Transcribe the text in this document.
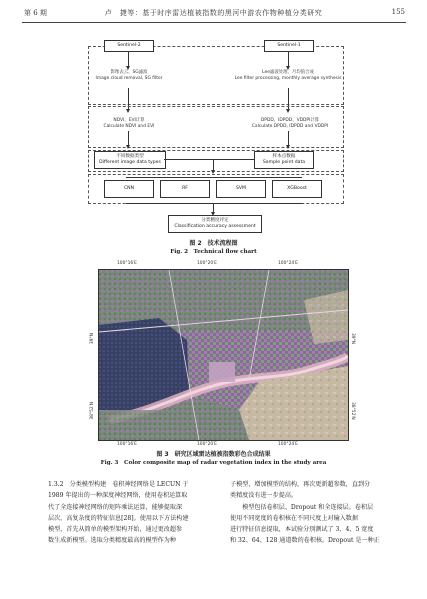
第 6 期	卢　捷等：基于时序雷达植被指数的黑河中游农作物种植分类研究	155
Sentinel-2	Sentinel-1
影像去云、SG滤波
Image cloud removal, SG filter
Lee滤波处理、月均值合成
Lee filter processing, monthly average synthesis
NDVI、EVI计算
Calculate NDVI and EVI
DPDD、IDPDD、VDDPI计算
Calculate DPDD, IDPDD and VDDPI
不同数据类型
Different image data types
样本点数据
Sample point data
CNN	RF	SVM	XGBoost
分类精度评定
Classification accuracy assessment
图 2　技术流程图
Fig. 2　Technical flow chart
100°16′E	100°20′E	100°24′E
100°16′E	100°20′E	100°24′E
39°N
38°52′N
39°N
38°52′N
图 3　研究区域雷达植被指数彩色合成结果
Fig. 3　Color composite map of radar vegetation index in the study area
1.3.2　分类模型构建　卷积神经网络是 LECUN 于
1989 年提出的一种深度神经网络，使用卷积运算取
代了全连接神经网络的矩阵乘法运算，能够提取深
层次、高复杂度的特征信息[28]。使用以下方法构建
模型，首先从简单的模型架构开始，通过更改超参
数生成新模型。选取分类精度最高的模型作为种
子模型，增加模型的结构，再次更新超参数，直到分
类精度没有进一步提高。
　　模型包括卷积层、Dropout 和全连接层。卷积层
使用不同宽度的卷积核在不同尺度上对输入数据
进行特征信息提取，本试验分别测试了 3、4、5 宽度
和 32、64、128 通道数的卷积核。Dropout 是一种正
